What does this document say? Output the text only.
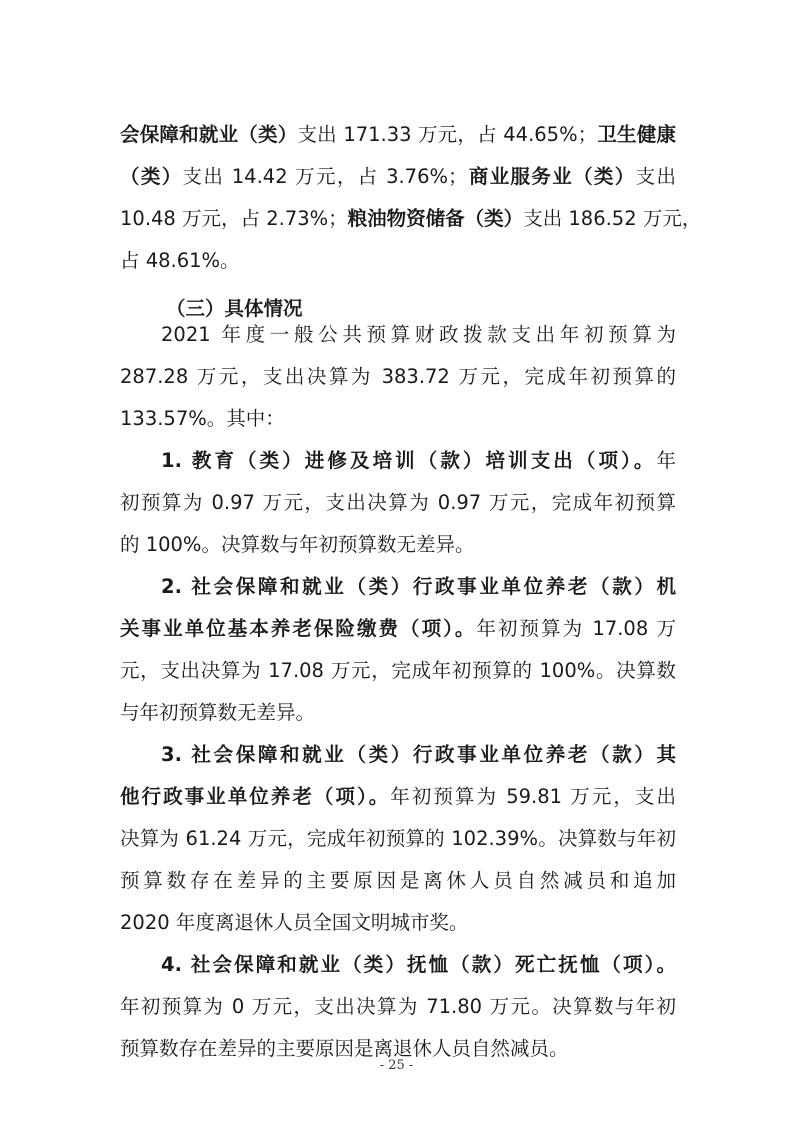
会保障和就业（类）支出 171.33 万元，占 44.65%；卫生健康
（类）支出 14.42 万元，占 3.76%；商业服务业（类）支出
10.48 万元，占 2.73%；粮油物资储备（类）支出 186.52 万元，
占 48.61%。
（三）具体情况
2021 年度一般公共预算财政拨款支出年初预算为
287.28 万元，支出决算为 383.72 万元，完成年初预算的
133.57%。其中：
1. 教育（类）进修及培训（款）培训支出（项）。年
初预算为 0.97 万元，支出决算为 0.97 万元，完成年初预算
的 100%。决算数与年初预算数无差异。
2. 社会保障和就业（类）行政事业单位养老（款）机
关事业单位基本养老保险缴费（项）。年初预算为 17.08 万
元，支出决算为 17.08 万元，完成年初预算的 100%。决算数
与年初预算数无差异。
3. 社会保障和就业（类）行政事业单位养老（款）其
他行政事业单位养老（项）。年初预算为 59.81 万元，支出
决算为 61.24 万元，完成年初预算的 102.39%。决算数与年初
预算数存在差异的主要原因是离休人员自然减员和追加
2020 年度离退休人员全国文明城市奖。
4. 社会保障和就业（类）抚恤（款）死亡抚恤（项）。
年初预算为 0 万元，支出决算为 71.80 万元。决算数与年初
预算数存在差异的主要原因是离退休人员自然减员。
- 25 -
